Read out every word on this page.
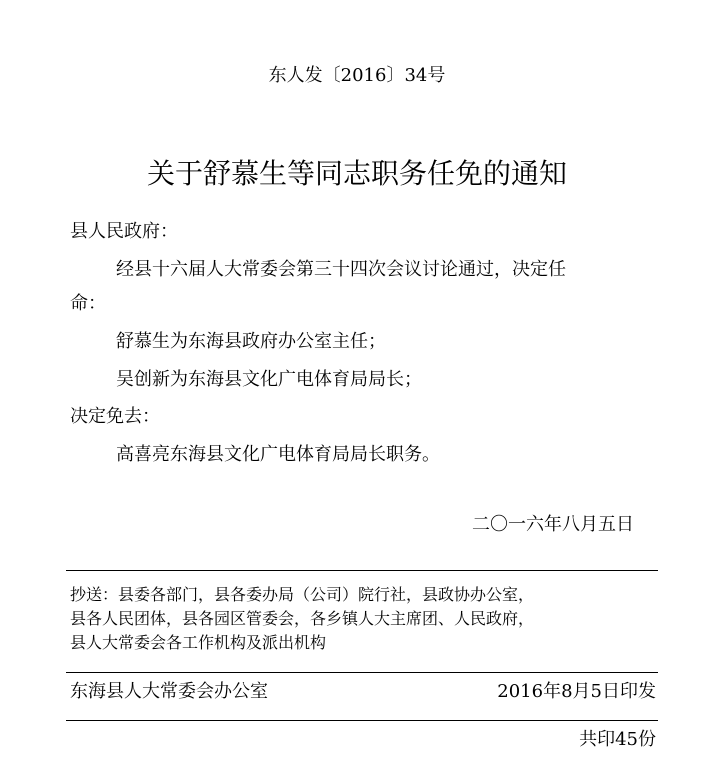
东人发〔2016〕34号
关于舒慕生等同志职务任免的通知
县人民政府：
经县十六届人大常委会第三十四次会议讨论通过，决定任
命：
舒慕生为东海县政府办公室主任；
吴创新为东海县文化广电体育局局长；
决定免去：
高喜亮东海县文化广电体育局局长职务。
二〇一六年八月五日
抄送：县委各部门，县各委办局（公司）院行社，县政协办公室，
县各人民团体，县各园区管委会，各乡镇人大主席团、人民政府，
县人大常委会各工作机构及派出机构
东海县人大常委会办公室	2016年8月5日印发
共印45份
